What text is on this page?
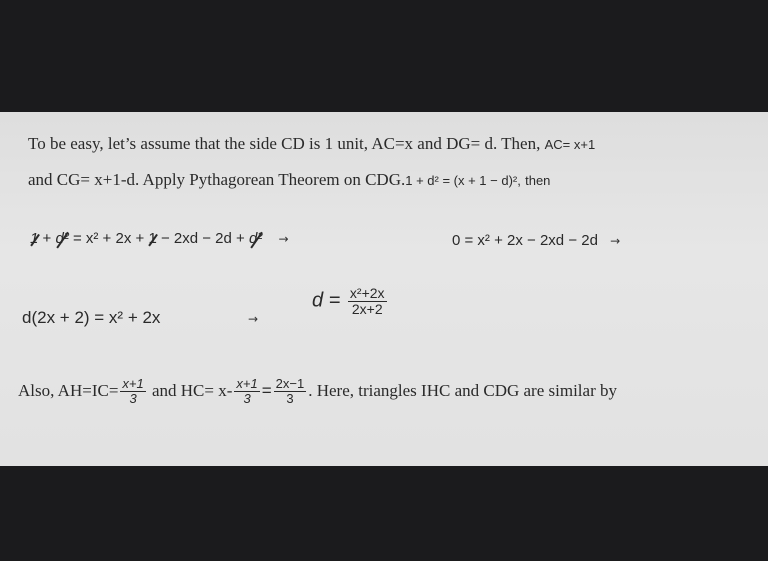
To be easy, let’s assume that the side CD is 1 unit, AC=x and DG= d. Then, AC= x+1
and CG= x+1-d. Apply Pythagorean Theorem on CDG.1 + d² = (x + 1 − d)², then
1 + d² = x² + 2x + 1 − 2xd − 2d + d² →	0 = x² + 2x − 2xd − 2d →
d(2x + 2) = x² + 2x	→
$d = \frac{\text{x²+2x}}{2x+2}$
Also, $AH=IC= \frac{x+1}{3}$ and $HC= x- \frac{x+1}{3} = \frac{2x-1}{3}$ . Here, triangles IHC and CDG are similar by
